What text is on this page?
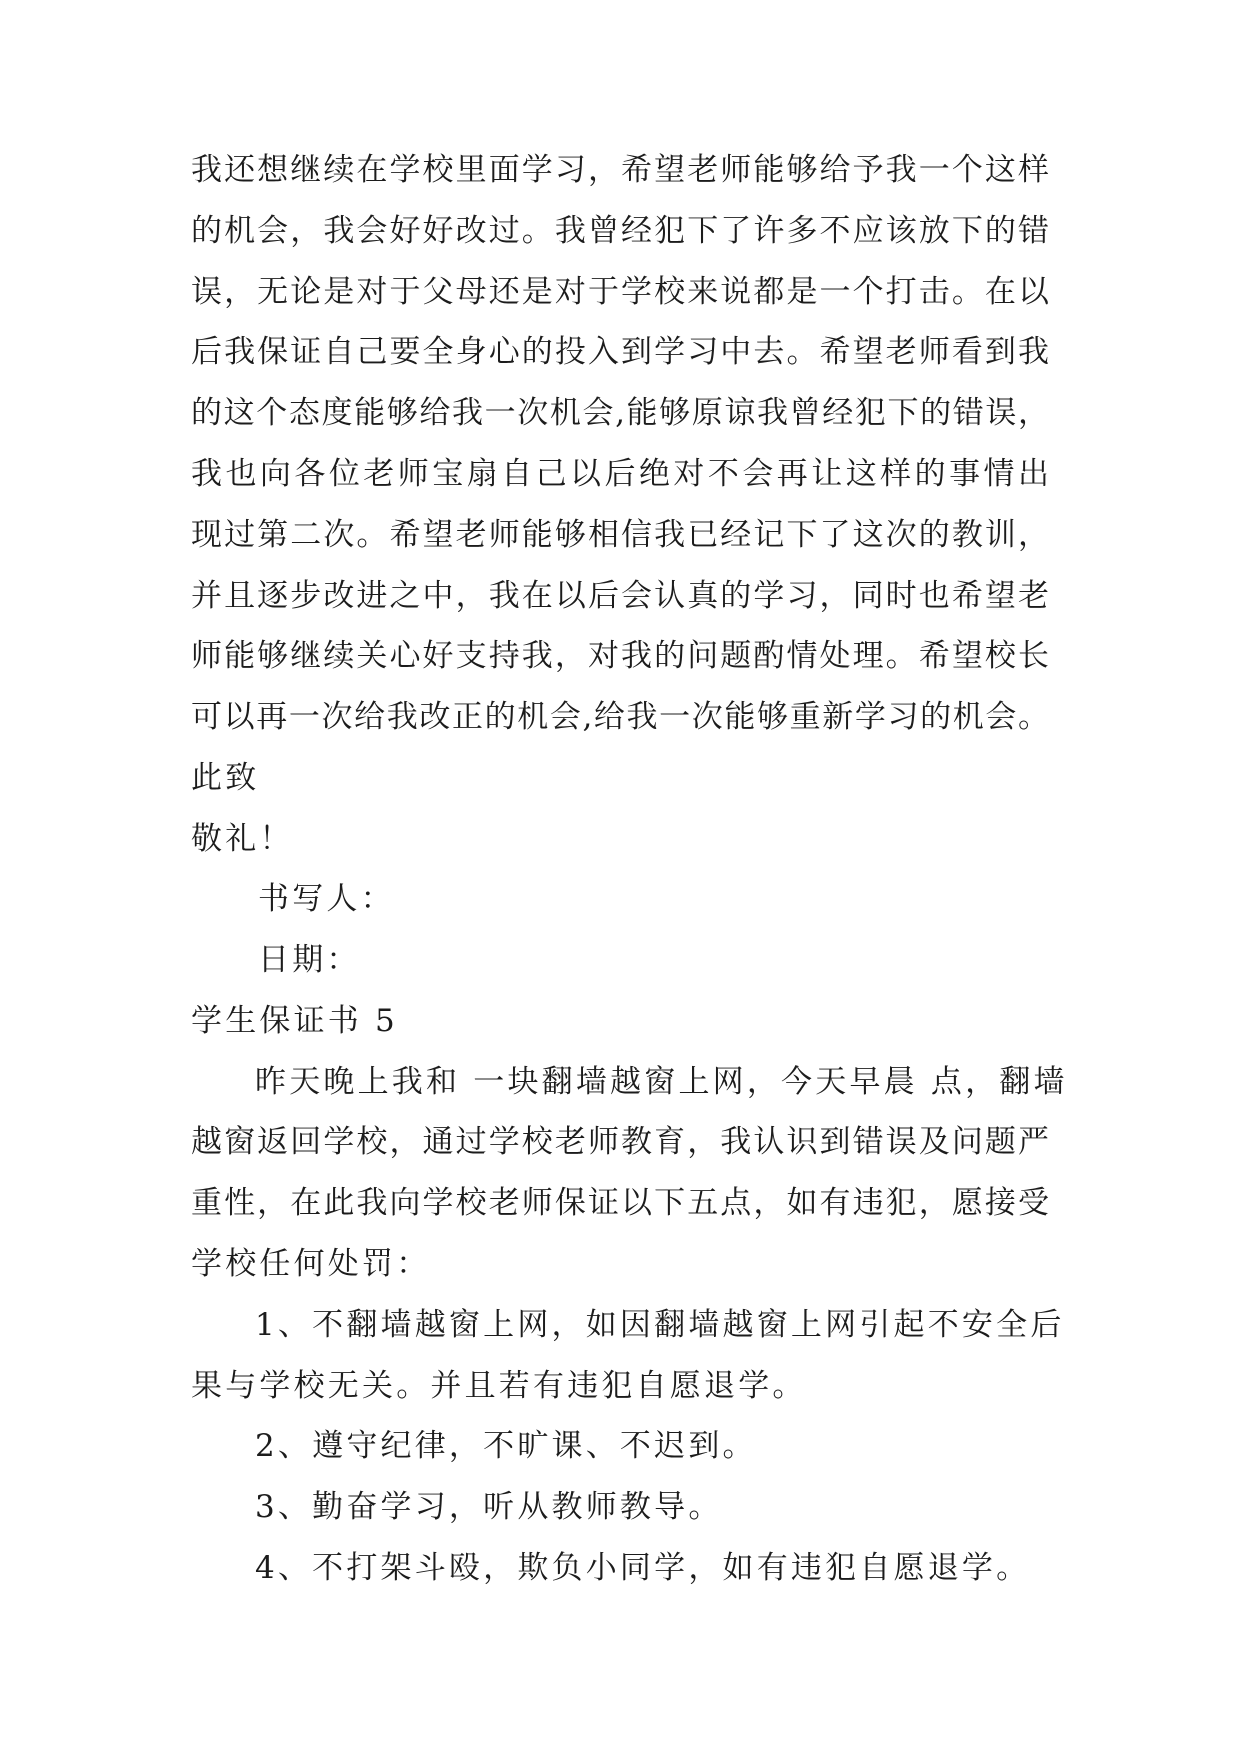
我还想继续在学校里面学习，希望老师能够给予我一个这样
的机会，我会好好改过。我曾经犯下了许多不应该放下的错
误，无论是对于父母还是对于学校来说都是一个打击。在以
后我保证自己要全身心的投入到学习中去。希望老师看到我
的这个态度能够给我一次机会,能够原谅我曾经犯下的错误，
我也向各位老师宝扇自己以后绝对不会再让这样的事情出
现过第二次。希望老师能够相信我已经记下了这次的教训，
并且逐步改进之中，我在以后会认真的学习，同时也希望老
师能够继续关心好支持我，对我的问题酌情处理。希望校长
可以再一次给我改正的机会,给我一次能够重新学习的机会。
此致
敬礼！
书写人：
日期：
学生保证书 5
昨天晚上我和 一块翻墙越窗上网，今天早晨 点，翻墙
越窗返回学校，通过学校老师教育，我认识到错误及问题严
重性，在此我向学校老师保证以下五点，如有违犯，愿接受
学校任何处罚：
1、不翻墙越窗上网，如因翻墙越窗上网引起不安全后
果与学校无关。并且若有违犯自愿退学。
2、遵守纪律，不旷课、不迟到。
3、勤奋学习，听从教师教导。
4、不打架斗殴，欺负小同学，如有违犯自愿退学。
